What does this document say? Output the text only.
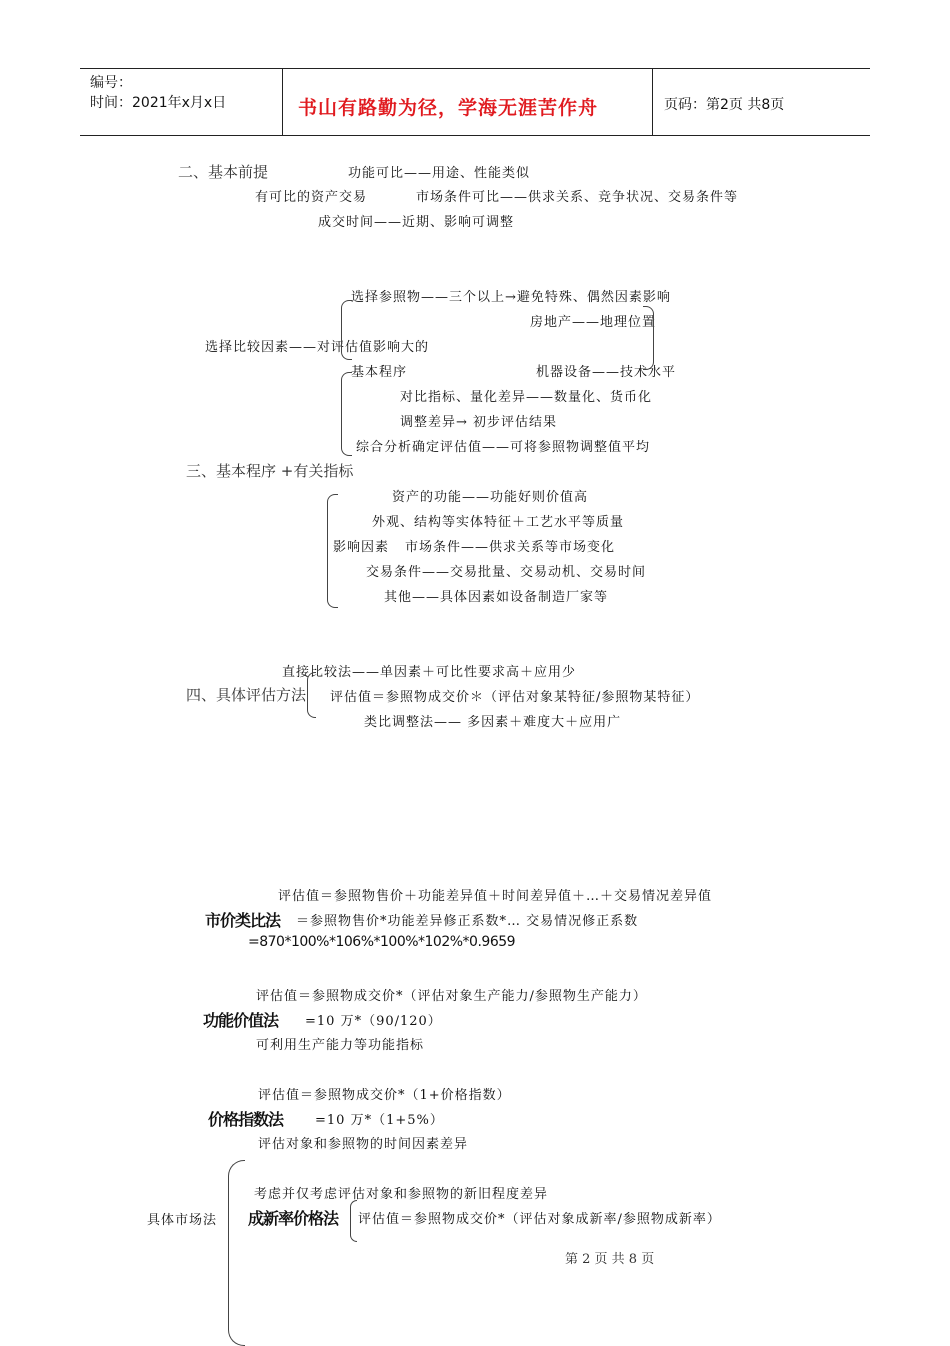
编号：
时间：2021年x月x日	书山有路勤为径，学海无涯苦作舟	页码：第2页 共8页
二、基本前提	功能可比——用途、性能类似
有可比的资产交易	市场条件可比——供求关系、竞争状况、交易条件等
成交时间——近期、影响可调整
选择参照物——三个以上→避免特殊、偶然因素影响
房地产——地理位置
选择比较因素——对评估值影响大的
基本程序	机器设备——技术水平
对比指标、量化差异——数量化、货币化
调整差异→ 初步评估结果
综合分析确定评估值——可将参照物调整值平均
三、基本程序 +有关指标
资产的功能——功能好则价值高
外观、结构等实体特征＋工艺水平等质量
影响因素 市场条件——供求关系等市场变化
交易条件——交易批量、交易动机、交易时间
其他——具体因素如设备制造厂家等
直接比较法——单因素＋可比性要求高＋应用少
四、具体评估方法 评估值＝参照物成交价＊（评估对象某特征/参照物某特征）
类比调整法—— 多因素＋难度大＋应用广
评估值＝参照物售价＋功能差异值＋时间差异值＋…＋交易情况差异值
市价类比法 ＝参照物售价*功能差异修正系数*… 交易情况修正系数
=870*100%*106%*100%*102%*0.9659
评估值＝参照物成交价*（评估对象生产能力/参照物生产能力）
功能价值法 =10 万*（90/120）
可利用生产能力等功能指标
评估值＝参照物成交价*（1+价格指数）
价格指数法 =10 万*（1+5%）
评估对象和参照物的时间因素差异
考虑并仅考虑评估对象和参照物的新旧程度差异
具体市场法 成新率价格法 评估值＝参照物成交价*（评估对象成新率/参照物成新率）
第 2 页 共 8 页
